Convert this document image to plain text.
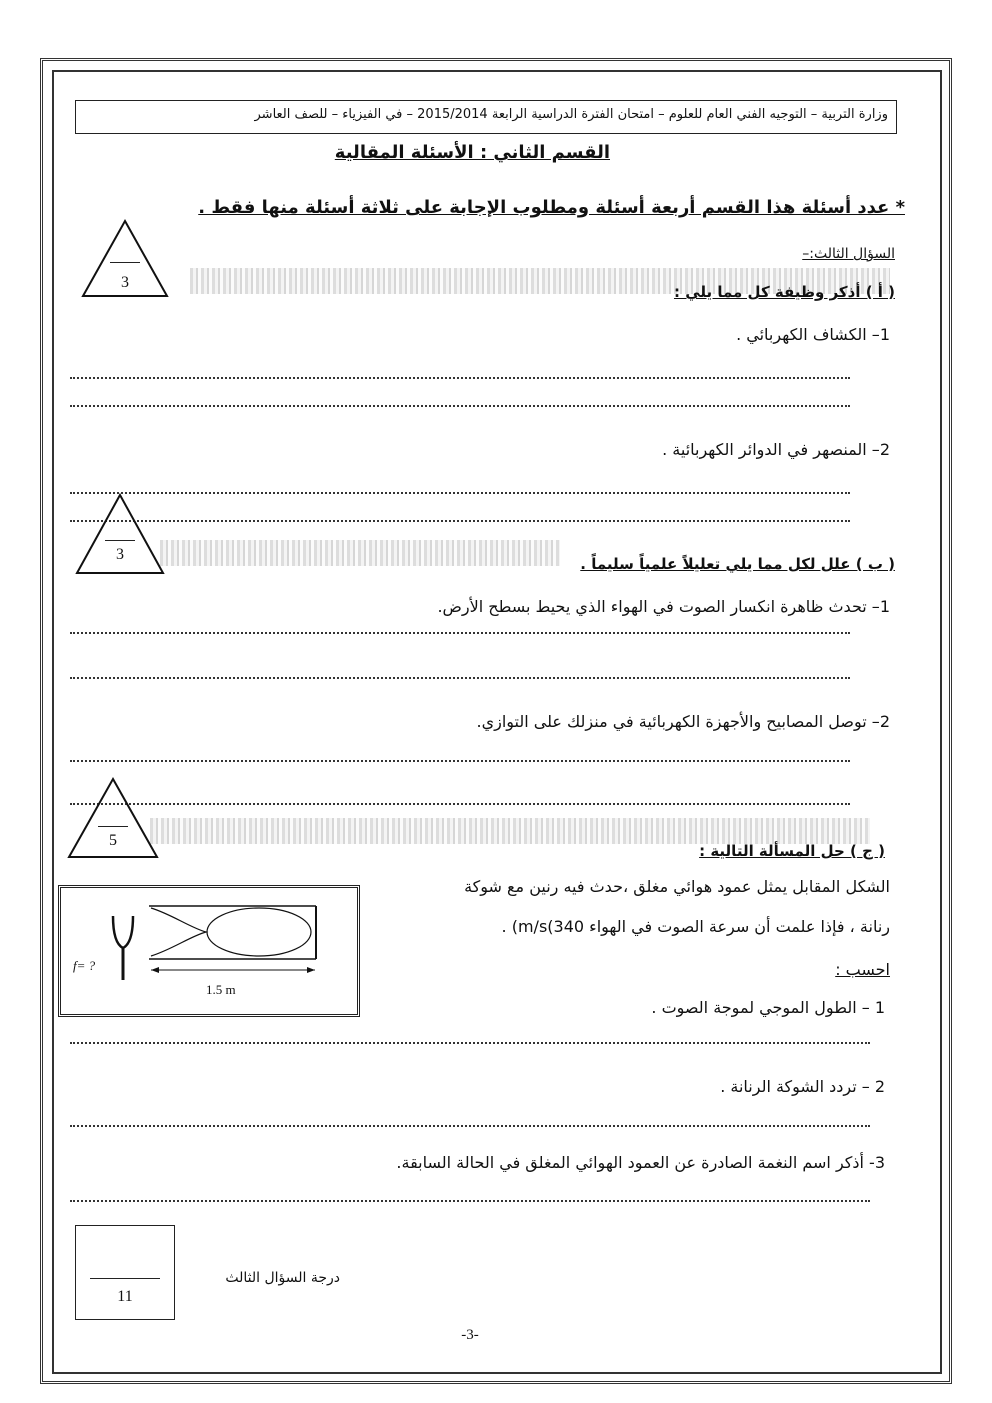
وزارة التربية – التوجيه الفني العام للعلوم – امتحان الفترة الدراسية الرابعة 2015/2014 – في الفيزياء – للصف العاشر
القسم الثاني : الأسئلة المقالية
* عدد أسئلة هذا القسم أربعة أسئلة ومطلوب الإجابة على ثلاثة أسئلة منها فقط .
السؤال الثالث:–
3
( أ ) أذكر وظيفة كل مما يلي :
1– الكشاف الكهربائي .
2– المنصهر في الدوائر الكهربائية .
3
( ب ) علل لكل مما يلي تعليلاً علمياً سليماً .
1– تحدث ظاهرة انكسار الصوت في الهواء الذي يحيط بسطح الأرض.
2– توصل المصابيح والأجهزة الكهربائية في منزلك على التوازي.
5
( ج ) حل المسألة التالية :
الشكل المقابل يمثل عمود هوائي مغلق ،حدث فيه رنين مع شوكة
رنانة ، فإذا علمت أن سرعة الصوت في الهواء 340)m/s) .
احسب :
f= ?
1.5 m
1 – الطول الموجي لموجة الصوت .
2 – تردد الشوكة الرنانة .
3- أذكر اسم النغمة الصادرة عن العمود الهوائي المغلق في الحالة السابقة.
11
درجة السؤال الثالث
-3-
